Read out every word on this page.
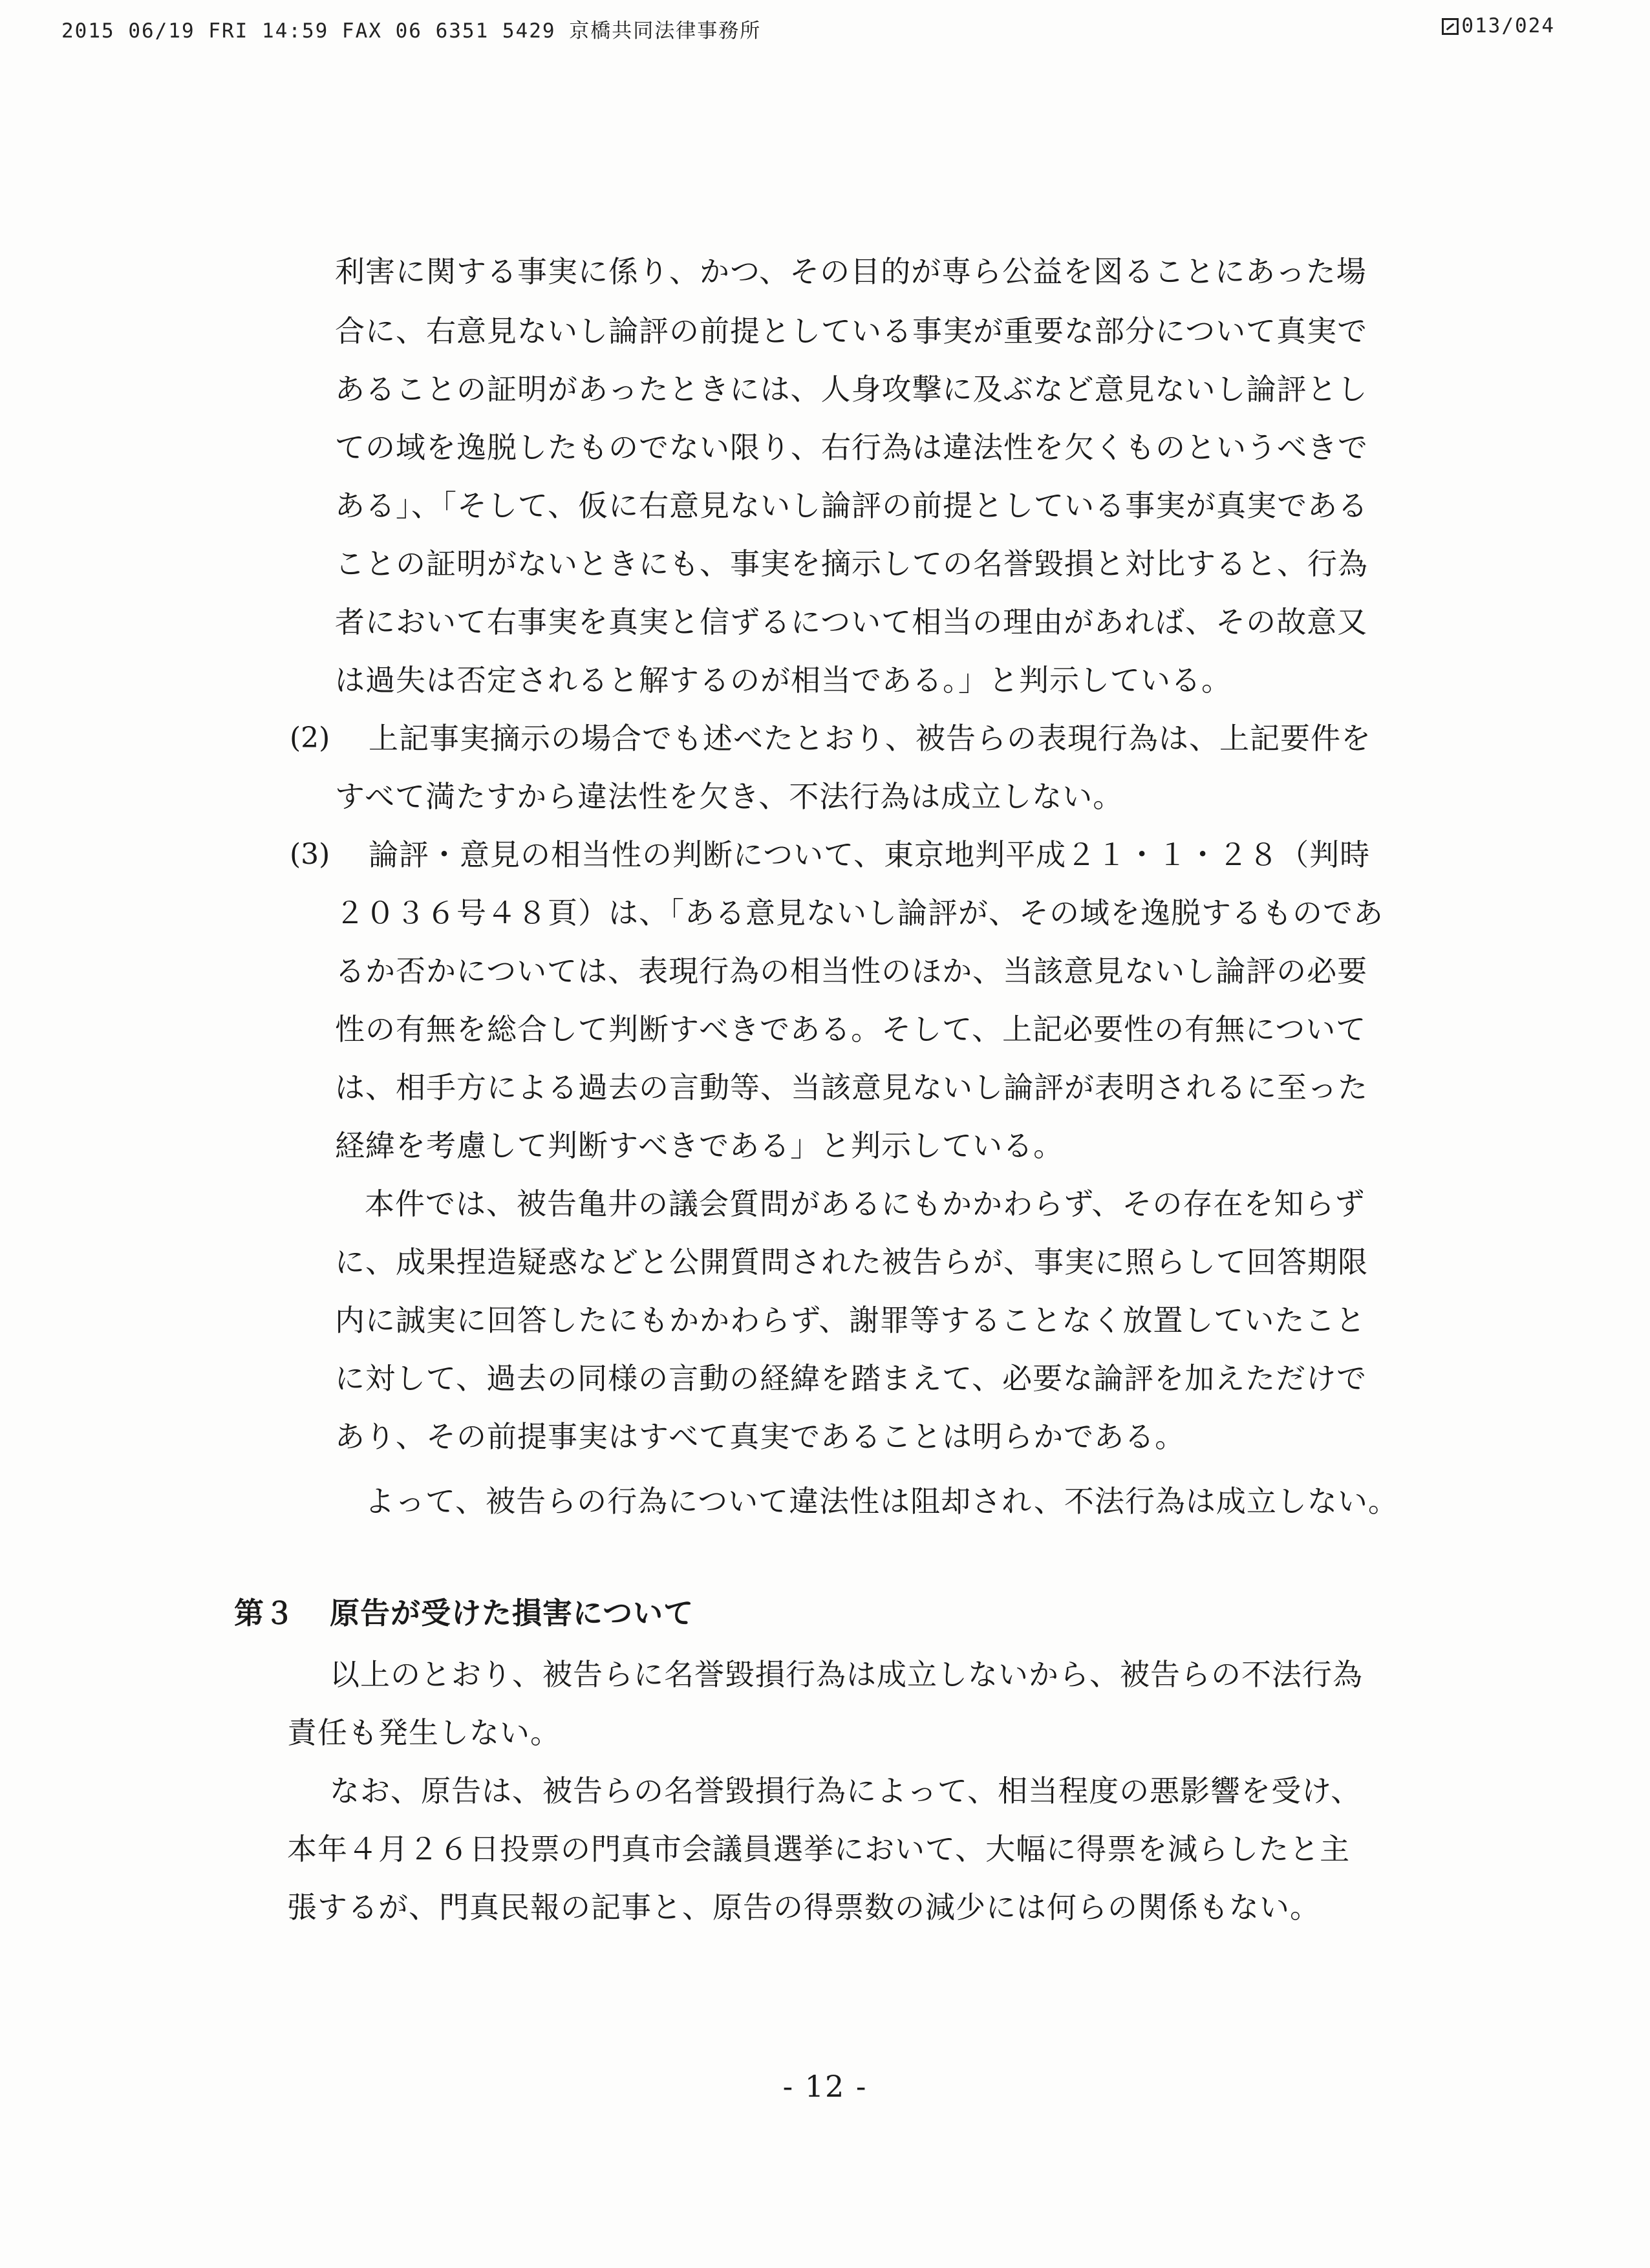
2015 06/19 FRI 14:59 FAX 06 6351 5429 京橋共同法律事務所	013/024
利害に関する事実に係り、かつ、その目的が専ら公益を図ることにあった場
合に、右意見ないし論評の前提としている事実が重要な部分について真実で
あることの証明があったときには、人身攻撃に及ぶなど意見ないし論評とし
ての域を逸脱したものでない限り、右行為は違法性を欠くものというべきで
ある」、「そして、仮に右意見ないし論評の前提としている事実が真実である
ことの証明がないときにも、事実を摘示しての名誉毀損と対比すると、行為
者において右事実を真実と信ずるについて相当の理由があれば、その故意又
は過失は否定されると解するのが相当である。」と判示している。
(2) 上記事実摘示の場合でも述べたとおり、被告らの表現行為は、上記要件を
すべて満たすから違法性を欠き、不法行為は成立しない。
(3) 論評・意見の相当性の判断について、東京地判平成２１・１・２８（判時
２０３６号４８頁）は、「ある意見ないし論評が、その域を逸脱するものであ
るか否かについては、表現行為の相当性のほか、当該意見ないし論評の必要
性の有無を総合して判断すべきである。そして、上記必要性の有無について
は、相手方による過去の言動等、当該意見ないし論評が表明されるに至った
経緯を考慮して判断すべきである」と判示している。
本件では、被告亀井の議会質問があるにもかかわらず、その存在を知らず
に、成果捏造疑惑などと公開質問された被告らが、事実に照らして回答期限
内に誠実に回答したにもかかわらず、謝罪等することなく放置していたこと
に対して、過去の同様の言動の経緯を踏まえて、必要な論評を加えただけで
あり、その前提事実はすべて真実であることは明らかである。
よって、被告らの行為について違法性は阻却され、不法行為は成立しない。
第３ 原告が受けた損害について
以上のとおり、被告らに名誉毀損行為は成立しないから、被告らの不法行為
責任も発生しない。
なお、原告は、被告らの名誉毀損行為によって、相当程度の悪影響を受け、
本年４月２６日投票の門真市会議員選挙において、大幅に得票を減らしたと主
張するが、門真民報の記事と、原告の得票数の減少には何らの関係もない。
- 12 -
